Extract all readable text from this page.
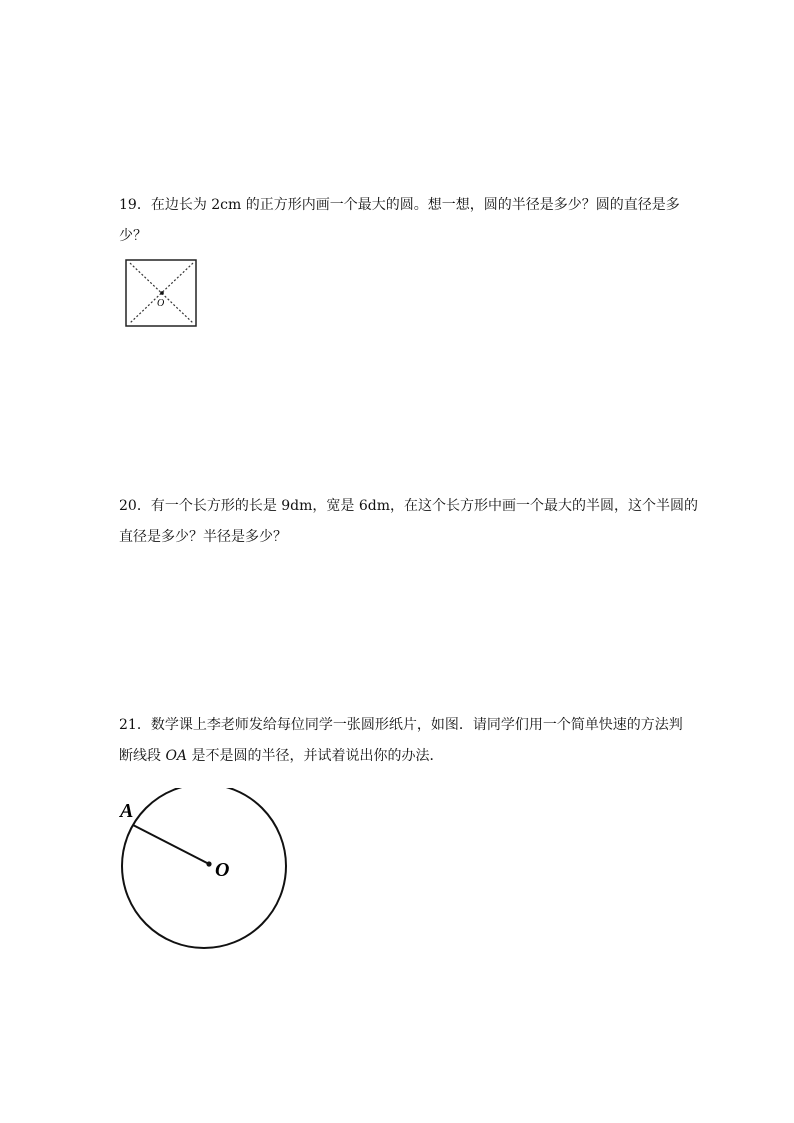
19．在边长为 2cm 的正方形内画一个最大的圆。想一想，圆的半径是多少？圆的直径是多
少？
O
20．有一个长方形的长是 9dm，宽是 6dm，在这个长方形中画一个最大的半圆，这个半圆的
直径是多少？半径是多少？
21．数学课上李老师发给每位同学一张圆形纸片，如图．请同学们用一个简单快速的方法判
断线段 OA 是不是圆的半径，并试着说出你的办法．
A
O
